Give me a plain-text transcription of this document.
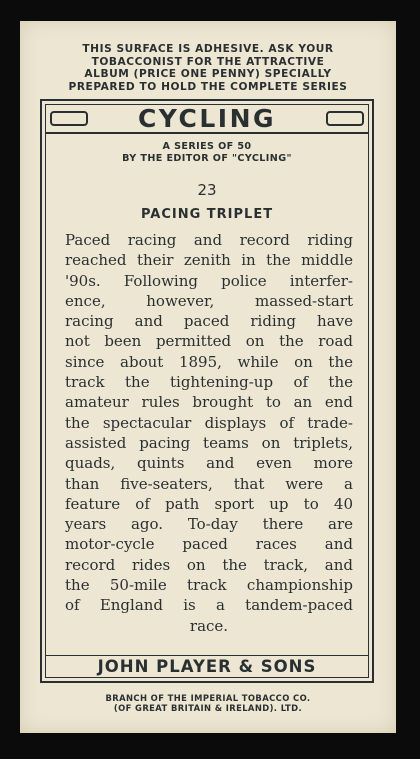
THIS SURFACE IS ADHESIVE. ASK YOUR
TOBACCONIST FOR THE ATTRACTIVE
ALBUM (PRICE ONE PENNY) SPECIALLY
PREPARED TO HOLD THE COMPLETE SERIES
CYCLING
A SERIES OF 50
BY THE EDITOR OF "CYCLING"
23
PACING TRIPLET
Paced racing and record riding
reached their zenith in the middle
'90s. Following police interfer-
ence, however, massed-start
racing and paced riding have
not been permitted on the road
since about 1895, while on the
track the tightening-up of the
amateur rules brought to an end
the spectacular displays of trade-
assisted pacing teams on triplets,
quads, quints and even more
than five-seaters, that were a
feature of path sport up to 40
years ago. To-day there are
motor-cycle paced races and
record rides on the track, and
the 50-mile track championship
of England is a tandem-paced
race.
JOHN PLAYER & SONS
BRANCH OF THE IMPERIAL TOBACCO CO.
(OF GREAT BRITAIN & IRELAND). LTD.
